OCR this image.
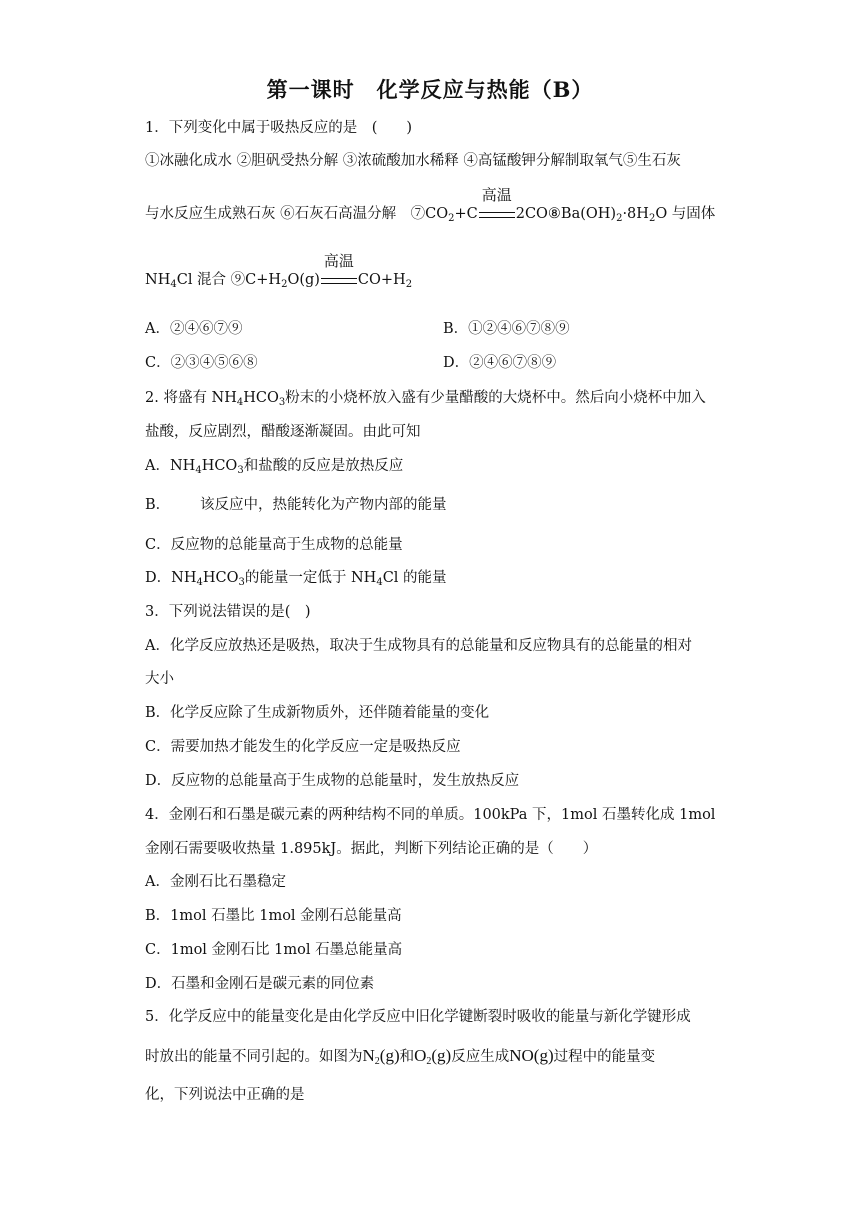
第一课时　化学反应与热能（B）
1．下列变化中属于吸热反应的是　(　　)
①冰融化成水 ②胆矾受热分解 ③浓硫酸加水稀释 ④高锰酸钾分解制取氧气⑤生石灰
与水反应生成熟石灰 ⑥石灰石高温分解　$⑦CO_2+C$
高温
$2CO⑧Ba(OH)_2\cdot 8H_2O$ 与固体
$NH_4Cl$ 混合 $⑨C+H_2O(g)$
高温
$CO+H_2$
A．②④⑥⑦⑨	B．①②④⑥⑦⑧⑨
C．②③④⑤⑥⑧	D．②④⑥⑦⑧⑨
2. 将盛有 $NH_4HCO_3$粉末的小烧杯放入盛有少量醋酸的大烧杯中。然后向小烧杯中加入
盐酸，反应剧烈，醋酸逐渐凝固。由此可知
A．$NH_4HCO_3$和盐酸的反应是放热反应
B． 该反应中，热能转化为产物内部的能量
C．反应物的总能量高于生成物的总能量
D．$NH_4HCO_3$的能量一定低于 $NH_4Cl$ 的能量
3．下列说法错误的是(　)
A．化学反应放热还是吸热，取决于生成物具有的总能量和反应物具有的总能量的相对
大小
B．化学反应除了生成新物质外，还伴随着能量的变化
C．需要加热才能发生的化学反应一定是吸热反应
D．反应物的总能量高于生成物的总能量时，发生放热反应
4．金刚石和石墨是碳元素的两种结构不同的单质。100kPa 下，1mol 石墨转化成 1mol
金刚石需要吸收热量 1.895kJ。据此，判断下列结论正确的是（　　）
A．金刚石比石墨稳定
B．1mol 石墨比 1mol 金刚石总能量高
C．1mol 金刚石比 1mol 石墨总能量高
D．石墨和金刚石是碳元素的同位素
5．化学反应中的能量变化是由化学反应中旧化学键断裂时吸收的能量与新化学键形成
时放出的能量不同引起的。如图为$N_2(g)$和$O_2(g)$反应生成NO(g)过程中的能量变
化，下列说法中正确的是
